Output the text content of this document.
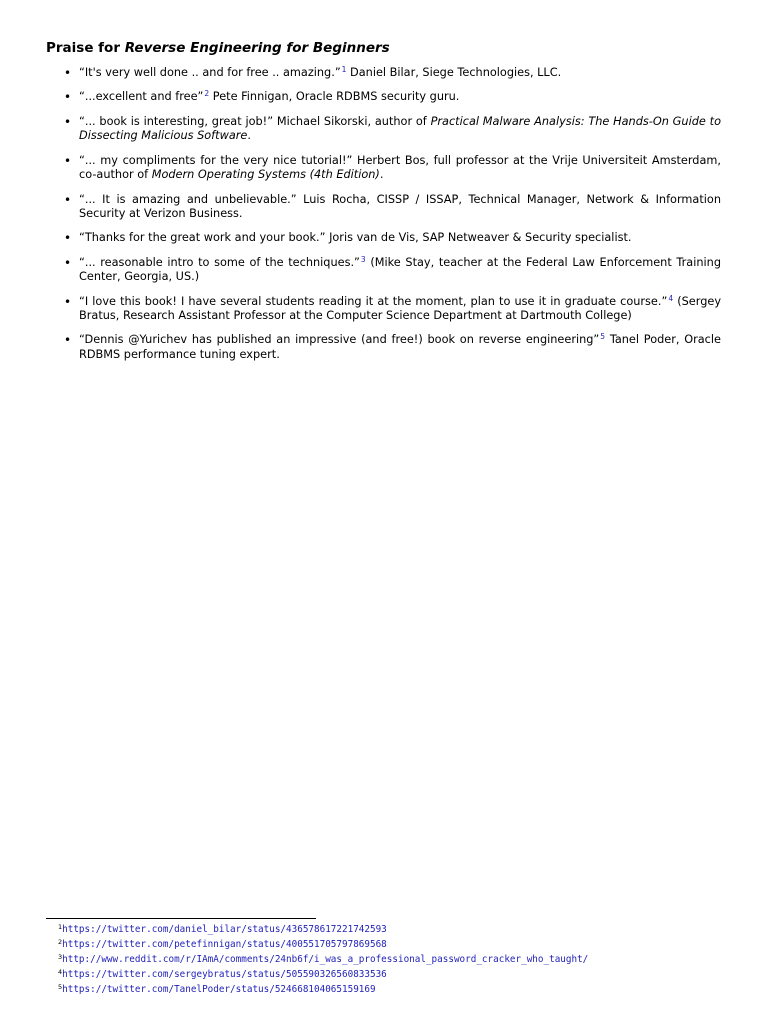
Praise for Reverse Engineering for Beginners
• “It's very well done .. and for free .. amazing.”$^1$ Daniel Bilar, Siege Technologies, LLC.
• “...excellent and free”$^2$ Pete Finnigan, Oracle RDBMS security guru.
• “... book is interesting, great job!” Michael Sikorski, author of Practical Malware Analysis: The Hands-On Guide to Dissecting Malicious Software.
• “... my compliments for the very nice tutorial!” Herbert Bos, full professor at the Vrije Universiteit Amsterdam, co-author of Modern Operating Systems (4th Edition).
• “... It is amazing and unbelievable.” Luis Rocha, CISSP / ISSAP, Technical Manager, Network & Information Security at Verizon Business.
• “Thanks for the great work and your book.” Joris van de Vis, SAP Netweaver & Security specialist.
• “... reasonable intro to some of the techniques.”$^3$ (Mike Stay, teacher at the Federal Law Enforcement Training Center, Georgia, US.)
• “I love this book! I have several students reading it at the moment, plan to use it in graduate course.”$^4$ (Sergey Bratus, Research Assistant Professor at the Computer Science Department at Dartmouth College)
• “Dennis @Yurichev has published an impressive (and free!) book on reverse engineering”$^5$ Tanel Poder, Oracle RDBMS performance tuning expert.
$^1$https://twitter.com/daniel_bilar/status/436578617221742593
$^2$https://twitter.com/petefinnigan/status/400551705797869568
$^3$http://www.reddit.com/r/IAmA/comments/24nb6f/i_was_a_professional_password_cracker_who_taught/
$^4$https://twitter.com/sergeybratus/status/505590326560833536
$^5$https://twitter.com/TanelPoder/status/524668104065159169
